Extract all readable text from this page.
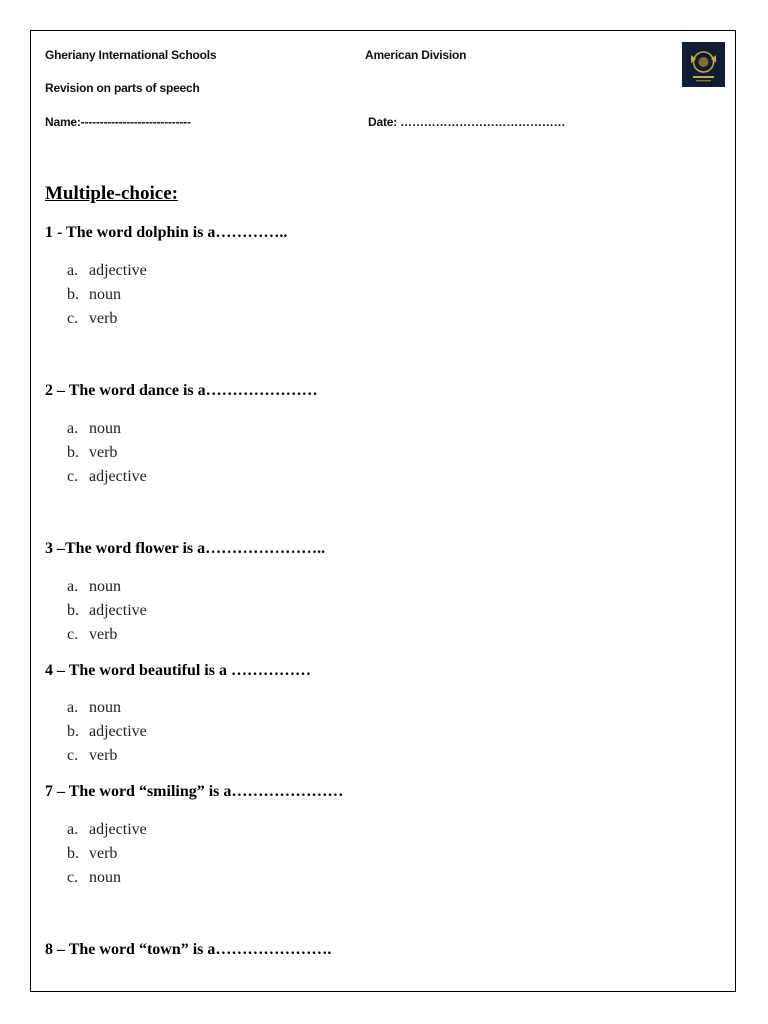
Gheriany International Schools	American Division
Revision on parts of speech
Name:-----------------------------	Date: ……………………………………
Multiple-choice:
1 - The word dolphin is a…………..
a. adjective
b. noun
c. verb
2 – The word dance is a…………………
a. noun
b. verb
c. adjective
3 –The word flower is a…………………..
a. noun
b. adjective
c. verb
4 – The word beautiful is a ……………
a. noun
b. adjective
c. verb
7 – The word “smiling” is a…………………
a. adjective
b. verb
c. noun
8 – The word “town” is a………………….
